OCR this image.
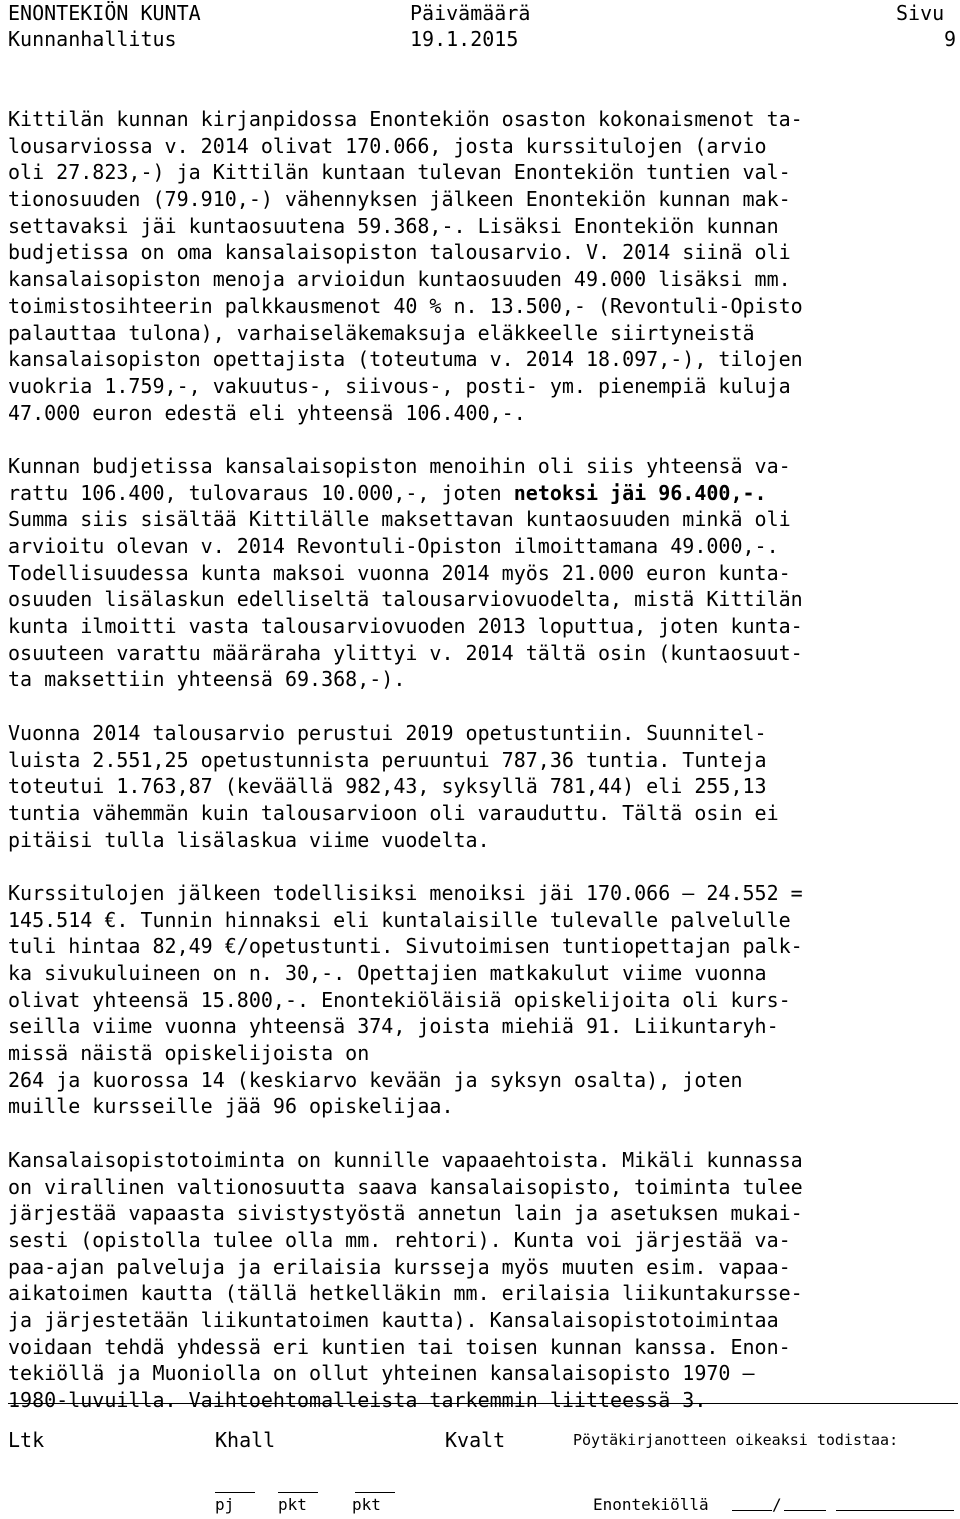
ENONTEKIÖN KUNTA	Päivämäärä	Sivu
Kunnanhallitus	19.1.2015	9
Kittilän kunnan kirjanpidossa Enontekiön osaston kokonaismenot ta-
lousarviossa v. 2014 olivat 170.066, josta kurssitulojen (arvio
oli 27.823,-) ja Kittilän kuntaan tulevan Enontekiön tuntien val-
tionosuuden (79.910,-) vähennyksen jälkeen Enontekiön kunnan mak-
settavaksi jäi kuntaosuutena 59.368,-. Lisäksi Enontekiön kunnan
budjetissa on oma kansalaisopiston talousarvio. V. 2014 siinä oli
kansalaisopiston menoja arvioidun kuntaosuuden 49.000 lisäksi mm.
toimistosihteerin palkkausmenot 40 % n. 13.500,- (Revontuli-Opisto
palauttaa tulona), varhaiseläkemaksuja eläkkeelle siirtyneistä
kansalaisopiston opettajista (toteutuma v. 2014 18.097,-), tilojen
vuokria 1.759,-, vakuutus-, siivous-, posti- ym. pienempiä kuluja
47.000 euron edestä eli yhteensä 106.400,-.
Kunnan budjetissa kansalaisopiston menoihin oli siis yhteensä va-
rattu 106.400, tulovaraus 10.000,-, joten netoksi jäi 96.400,-.
Summa siis sisältää Kittilälle maksettavan kuntaosuuden minkä oli
arvioitu olevan v. 2014 Revontuli-Opiston ilmoittamana 49.000,-.
Todellisuudessa kunta maksoi vuonna 2014 myös 21.000 euron kunta-
osuuden lisälaskun edelliseltä talousarviovuodelta, mistä Kittilän
kunta ilmoitti vasta talousarviovuoden 2013 loputtua, joten kunta-
osuuteen varattu määräraha ylittyi v. 2014 tältä osin (kuntaosuut-
ta maksettiin yhteensä 69.368,-).
Vuonna 2014 talousarvio perustui 2019 opetustuntiin. Suunnitel-
luista 2.551,25 opetustunnista peruuntui 787,36 tuntia. Tunteja
toteutui 1.763,87 (keväällä 982,43, syksyllä 781,44) eli 255,13
tuntia vähemmän kuin talousarvioon oli varauduttu. Tältä osin ei
pitäisi tulla lisälaskua viime vuodelta.
Kurssitulojen jälkeen todellisiksi menoiksi jäi 170.066 – 24.552 =
145.514 €. Tunnin hinnaksi eli kuntalaisille tulevalle palvelulle
tuli hintaa 82,49 €/opetustunti. Sivutoimisen tuntiopettajan palk-
ka sivukuluineen on n. 30,-. Opettajien matkakulut viime vuonna
olivat yhteensä 15.800,-. Enontekiöläisiä opiskelijoita oli kurs-
seilla viime vuonna yhteensä 374, joista miehiä 91. Liikuntaryh-
missä näistä opiskelijoista on
264 ja kuorossa 14 (keskiarvo kevään ja syksyn osalta), joten
muille kursseille jää 96 opiskelijaa.
Kansalaisopistotoiminta on kunnille vapaaehtoista. Mikäli kunnassa
on virallinen valtionosuutta saava kansalaisopisto, toiminta tulee
järjestää vapaasta sivistystyöstä annetun lain ja asetuksen mukai-
sesti (opistolla tulee olla mm. rehtori). Kunta voi järjestää va-
paa-ajan palveluja ja erilaisia kursseja myös muuten esim. vapaa-
aikatoimen kautta (tällä hetkelläkin mm. erilaisia liikuntakursse-
ja järjestetään liikuntatoimen kautta). Kansalaisopistotoimintaa
voidaan tehdä yhdessä eri kuntien tai toisen kunnan kanssa. Enon-
tekiöllä ja Muoniolla on ollut yhteinen kansalaisopisto 1970 –
1980-luvuilla. Vaihtoehtomalleista tarkemmin liitteessä 3.
Ltk	Khall	Kvalt	Pöytäkirjanotteen oikeaksi todistaa:
pj	pkt	pkt	Enontekiöllä	/
